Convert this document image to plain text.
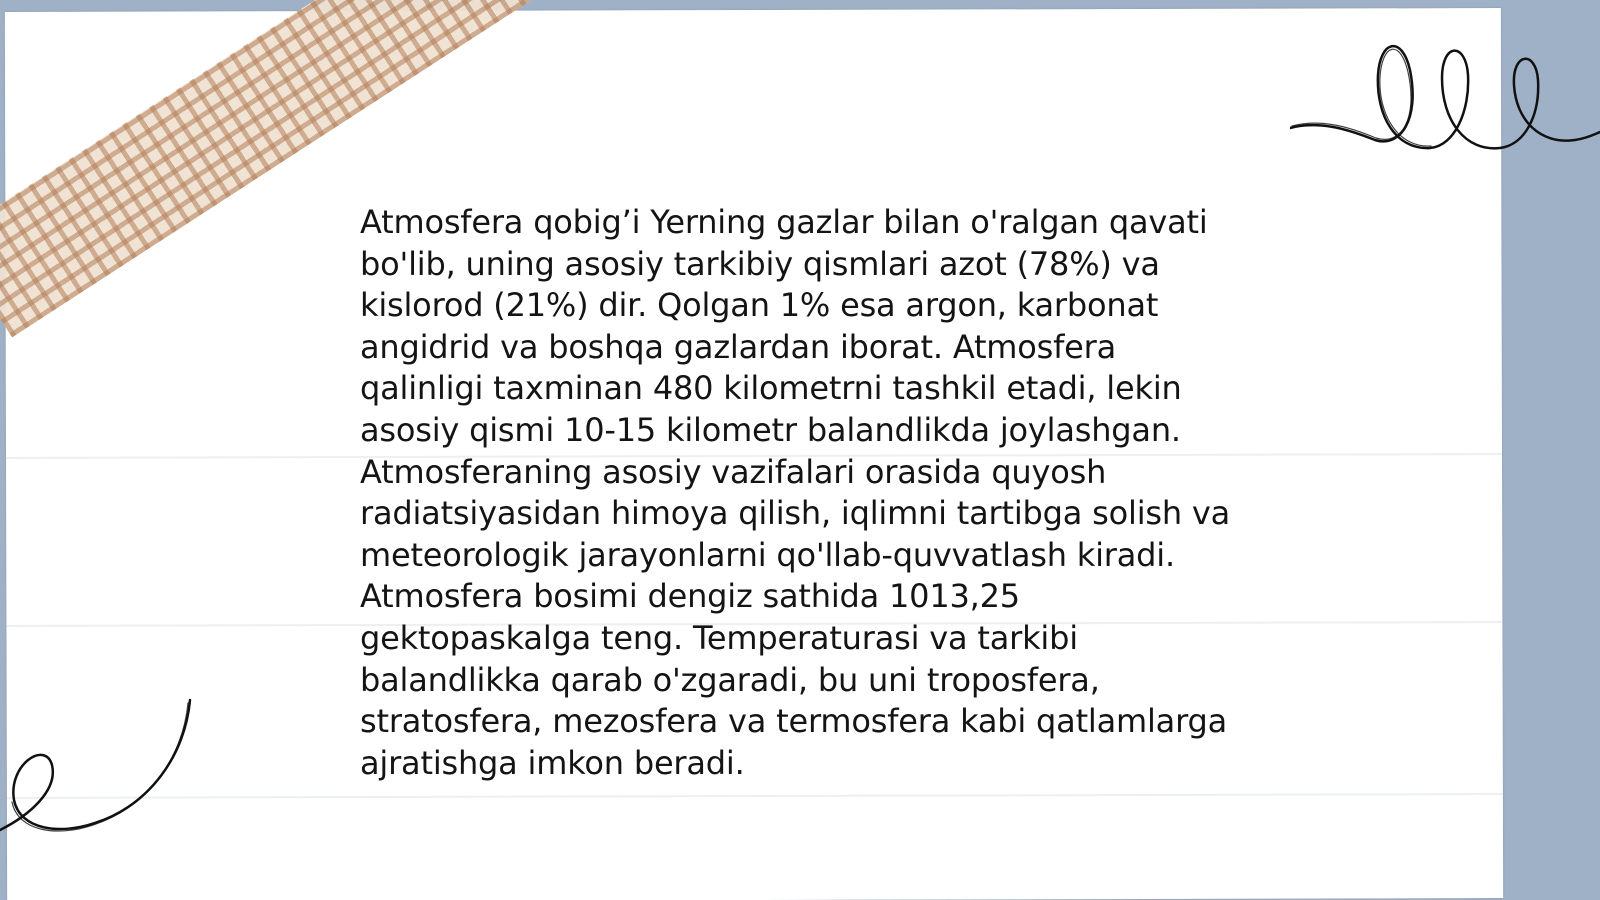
Atmosfera qobig’i Yerning gazlar bilan o'ralgan qavati bo'lib, uning asosiy tarkibiy qismlari azot (78%) va kislorod (21%) dir. Qolgan 1% esa argon, karbonat angidrid va boshqa gazlardan iborat. Atmosfera qalinligi taxminan 480 kilometrni tashkil etadi, lekin asosiy qismi 10-15 kilometr balandlikda joylashgan. Atmosferaning asosiy vazifalari orasida quyosh radiatsiyasidan himoya qilish, iqlimni tartibga solish va meteorologik jarayonlarni qo'llab-quvvatlash kiradi. Atmosfera bosimi dengiz sathida 1013,25 gektopaskalga teng. Temperaturasi va tarkibi balandlikka qarab o'zgaradi, bu uni troposfera, stratosfera, mezosfera va termosfera kabi qatlamlarga ajratishga imkon beradi.
